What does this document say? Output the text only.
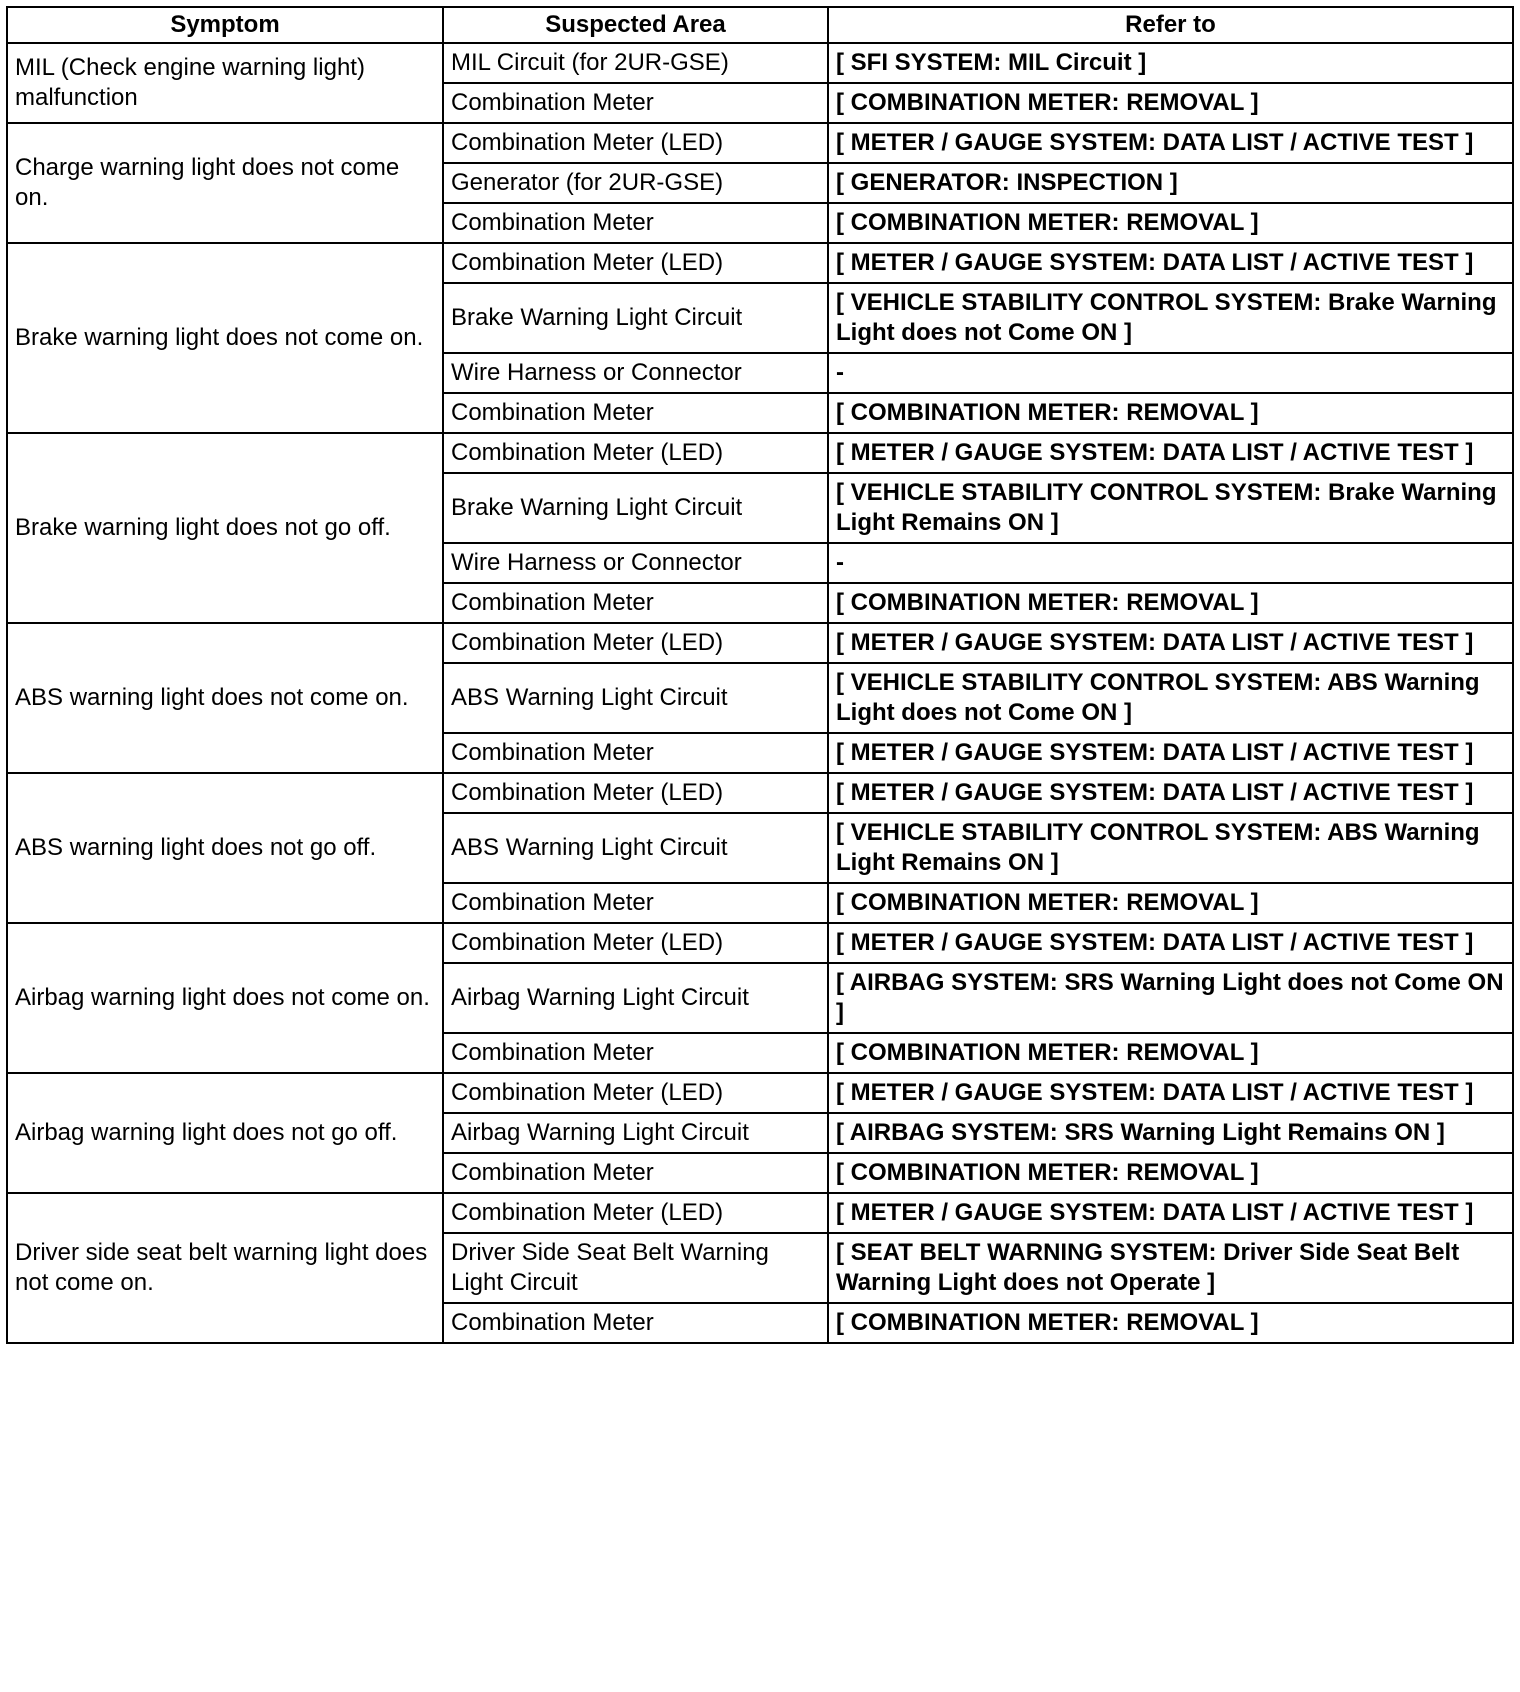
Symptom	Suspected Area	Refer to
MIL (Check engine warning light) malfunction	MIL Circuit (for 2UR-GSE)	[ SFI SYSTEM: MIL Circuit ]
	Combination Meter	[ COMBINATION METER: REMOVAL ]
Charge warning light does not come on.	Combination Meter (LED)	[ METER / GAUGE SYSTEM: DATA LIST / ACTIVE TEST ]
	Generator (for 2UR-GSE)	[ GENERATOR: INSPECTION ]
	Combination Meter	[ COMBINATION METER: REMOVAL ]
Brake warning light does not come on.	Combination Meter (LED)	[ METER / GAUGE SYSTEM: DATA LIST / ACTIVE TEST ]
	Brake Warning Light Circuit	[ VEHICLE STABILITY CONTROL SYSTEM: Brake Warning Light does not Come ON ]
	Wire Harness or Connector	-
	Combination Meter	[ COMBINATION METER: REMOVAL ]
Brake warning light does not go off.	Combination Meter (LED)	[ METER / GAUGE SYSTEM: DATA LIST / ACTIVE TEST ]
	Brake Warning Light Circuit	[ VEHICLE STABILITY CONTROL SYSTEM: Brake Warning Light Remains ON ]
	Wire Harness or Connector	-
	Combination Meter	[ COMBINATION METER: REMOVAL ]
ABS warning light does not come on.	Combination Meter (LED)	[ METER / GAUGE SYSTEM: DATA LIST / ACTIVE TEST ]
	ABS Warning Light Circuit	[ VEHICLE STABILITY CONTROL SYSTEM: ABS Warning Light does not Come ON ]
	Combination Meter	[ METER / GAUGE SYSTEM: DATA LIST / ACTIVE TEST ]
ABS warning light does not go off.	Combination Meter (LED)	[ METER / GAUGE SYSTEM: DATA LIST / ACTIVE TEST ]
	ABS Warning Light Circuit	[ VEHICLE STABILITY CONTROL SYSTEM: ABS Warning Light Remains ON ]
	Combination Meter	[ COMBINATION METER: REMOVAL ]
Airbag warning light does not come on.	Combination Meter (LED)	[ METER / GAUGE SYSTEM: DATA LIST / ACTIVE TEST ]
	Airbag Warning Light Circuit	[ AIRBAG SYSTEM: SRS Warning Light does not Come ON ]
	Combination Meter	[ COMBINATION METER: REMOVAL ]
Airbag warning light does not go off.	Combination Meter (LED)	[ METER / GAUGE SYSTEM: DATA LIST / ACTIVE TEST ]
	Airbag Warning Light Circuit	[ AIRBAG SYSTEM: SRS Warning Light Remains ON ]
	Combination Meter	[ COMBINATION METER: REMOVAL ]
Driver side seat belt warning light does not come on.	Combination Meter (LED)	[ METER / GAUGE SYSTEM: DATA LIST / ACTIVE TEST ]
	Driver Side Seat Belt Warning Light Circuit	[ SEAT BELT WARNING SYSTEM: Driver Side Seat Belt Warning Light does not Operate ]
	Combination Meter	[ COMBINATION METER: REMOVAL ]
